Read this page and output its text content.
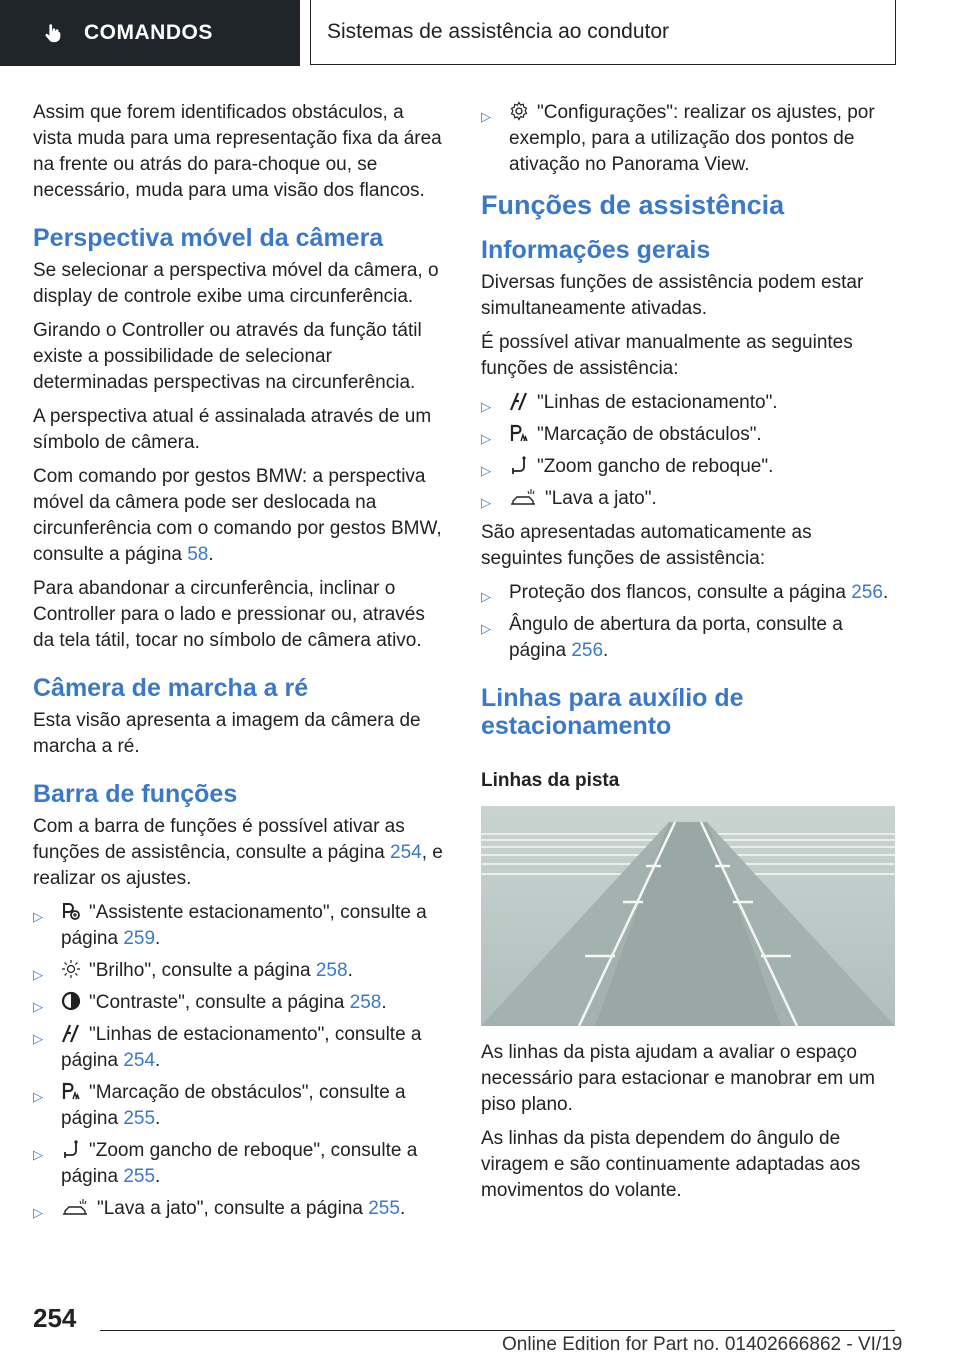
COMANDOS	Sistemas de assistência ao condutor

Assim que forem identificados obstáculos, a vista muda para uma representação fixa da área na frente ou atrás do para-choque ou, se necessário, muda para uma visão dos flancos.

Perspectiva móvel da câmera

Se selecionar a perspectiva móvel da câmera, o display de controle exibe uma circunferência.

Girando o Controller ou através da função tátil existe a possibilidade de selecionar determinadas perspectivas na circunferência.

A perspectiva atual é assinalada através de um símbolo de câmera.

Com comando por gestos BMW: a perspectiva móvel da câmera pode ser deslocada na circunferência com o comando por gestos BMW, consulte a página 58.

Para abandonar a circunferência, inclinar o Controller para o lado e pressionar ou, através da tela tátil, tocar no símbolo de câmera ativo.

Câmera de marcha a ré

Esta visão apresenta a imagem da câmera de marcha a ré.

Barra de funções

Com a barra de funções é possível ativar as funções de assistência, consulte a página 254, e realizar os ajustes.

▷ "Assistente estacionamento", consulte a página 259.
▷ "Brilho", consulte a página 258.
▷ "Contraste", consulte a página 258.
▷ "Linhas de estacionamento", consulte a página 254.
▷ "Marcação de obstáculos", consulte a página 255.
▷ "Zoom gancho de reboque", consulte a página 255.
▷	"Lava a jato", consulte a página 255.
▷ "Configurações": realizar os ajustes, por exemplo, para a utilização dos pontos de ativação no Panorama View.
Funções de assistência
Informações gerais

Diversas funções de assistência podem estar simultaneamente ativadas.

É possível ativar manualmente as seguintes funções de assistência:

▷ "Linhas de estacionamento".
▷ "Marcação de obstáculos".
▷ "Zoom gancho de reboque".
▷	"Lava a jato".

São apresentadas automaticamente as seguintes funções de assistência:

▷ Proteção dos flancos, consulte a página 256.
▷ Ângulo de abertura da porta, consulte a página 256.
Linhas para auxílio de estacionamento
Linhas da pista

As linhas da pista ajudam a avaliar o espaço necessário para estacionar e manobrar em um piso plano.

As linhas da pista dependem do ângulo de viragem e são continuamente adaptadas aos movimentos do volante.

254
Online Edition for Part no. 01402666862 - VI/19
